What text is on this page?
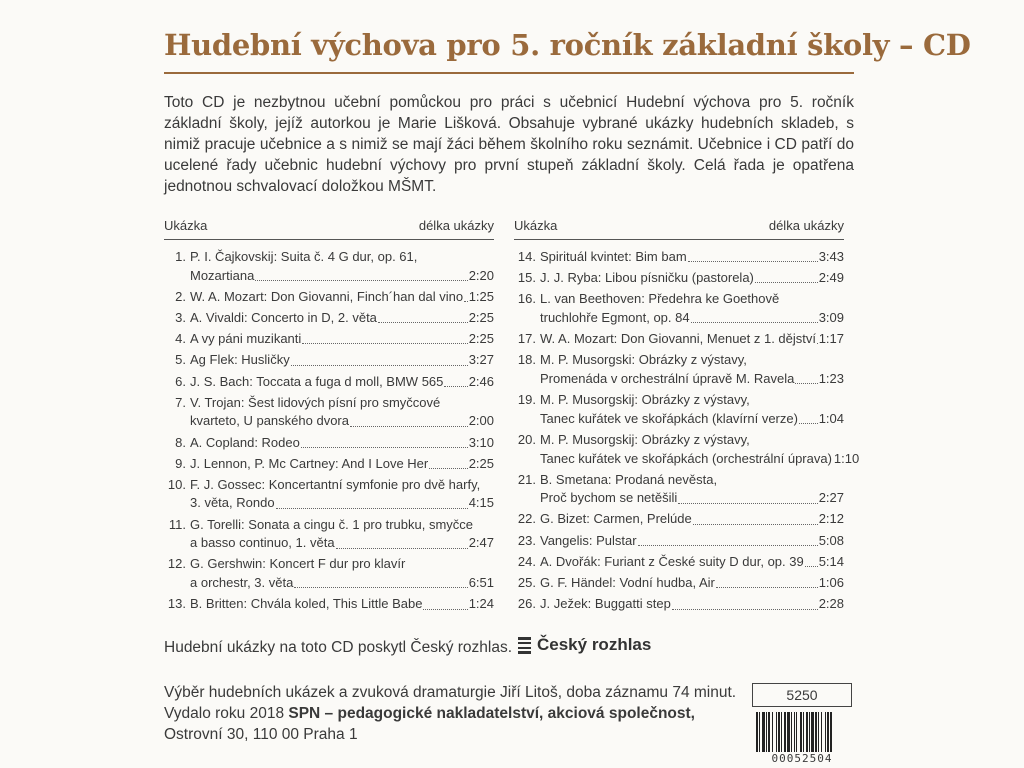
Hudební výchova pro 5. ročník základní školy – CD
Toto CD je nezbytnou učební pomůckou pro práci s učebnicí Hudební výchova pro 5. ročník základní školy, jejíž autorkou je Marie Lišková. Obsahuje vybrané ukázky hudebních skladeb, s nimiž pracuje učebnice a s nimiž se mají žáci během školního roku seznámit. Učebnice i CD patří do ucelené řady učebnic hudební výchovy pro první stupeň základní školy. Celá řada je opatřena jednotnou schvalovací doložkou MŠMT.
Ukázka	délka ukázky
1. P. I. Čajkovskij: Suita č. 4 G dur, op. 61,
Mozartiana	2:20
2. W. A. Mozart: Don Giovanni, Finch´han dal vino 1:25
3. A. Vivaldi: Concerto in D, 2. věta	2:25
4. A vy páni muzikanti	2:25
5. Ag Flek: Husličky	3:27
6. J. S. Bach: Toccata a fuga d moll, BMW 565 2:46
7. V. Trojan: Šest lidových písní pro smyčcové
kvarteto, U panského dvora	2:00
8. A. Copland: Rodeo	3:10
9. J. Lennon, P. Mc Cartney: And I Love Her	2:25
10. F. J. Gossec: Koncertantní symfonie pro dvě harfy,
3. věta, Rondo	4:15
11. G. Torelli: Sonata a cingu č. 1 pro trubku, smyčce
a basso continuo, 1. věta	2:47
12. G. Gershwin: Koncert F dur pro klavír
a orchestr, 3. věta	6:51
13. B. Britten: Chvála koled, This Little Babe	1:24
Ukázka	délka ukázky
14. Spirituál kvintet: Bim bam	3:43
15. J. J. Ryba: Libou písničku (pastorela)	2:49
16. L. van Beethoven: Předehra ke Goethově
truchlohře Egmont, op. 84	3:09
17. W. A. Mozart: Don Giovanni, Menuet z 1. dějství 1:17
18. M. P. Musorgski: Obrázky z výstavy,
Promenáda v orchestrální úpravě M. Ravela 1:23
19. M. P. Musorgskij: Obrázky z výstavy,
Tanec kuřátek ve skořápkách (klavírní verze) 1:04
20. M. P. Musorgskij: Obrázky z výstavy,
Tanec kuřátek ve skořápkách (orchestrální úprava) 1:10
21. B. Smetana: Prodaná nevěsta,
Proč bychom se netěšili	2:27
22. G. Bizet: Carmen, Prelúde	2:12
23. Vangelis: Pulstar	5:08
24. A. Dvořák: Furiant z České suity D dur, op. 39 5:14
25. G. F. Händel: Vodní hudba, Air	1:06
26. J. Ježek: Buggatti step	2:28
Hudební ukázky na toto CD poskytl Český rozhlas. Český rozhlas
Výběr hudebních ukázek a zvuková dramaturgie Jiří Litoš, doba záznamu 74 minut.
Vydalo roku 2018 SPN – pedagogické nakladatelství, akciová společnost,
Ostrovní 30, 110 00 Praha 1
5250
00052504
